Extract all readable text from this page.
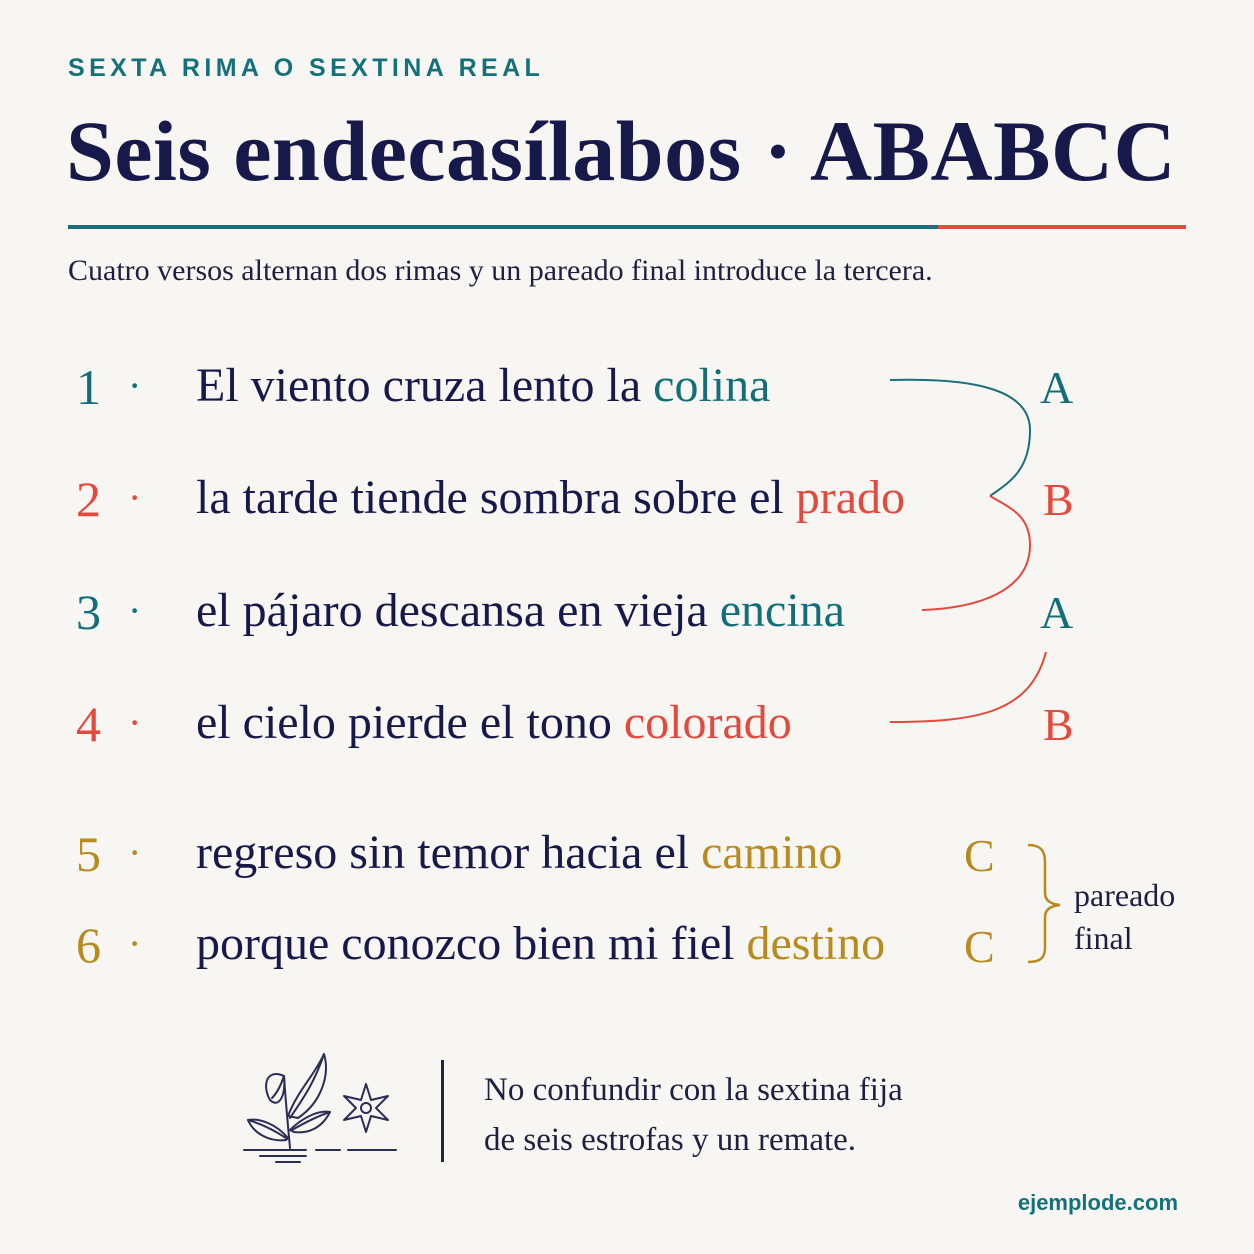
SEXTA RIMA O SEXTINA REAL
Seis endecasílabos · ABABCC
Cuatro versos alternan dos rimas y un pareado final introduce la tercera.
1 · El viento cruza lento la colina	A
2 · la tarde tiende sombra sobre el prado	B
3 · el pájaro descansa en vieja encina	A
4 · el cielo pierde el tono colorado	B
5 · regreso sin temor hacia el camino	C
6 · porque conozco bien mi fiel destino C
pareado
final
No confundir con la sextina fija
de seis estrofas y un remate.
ejemplode.com
